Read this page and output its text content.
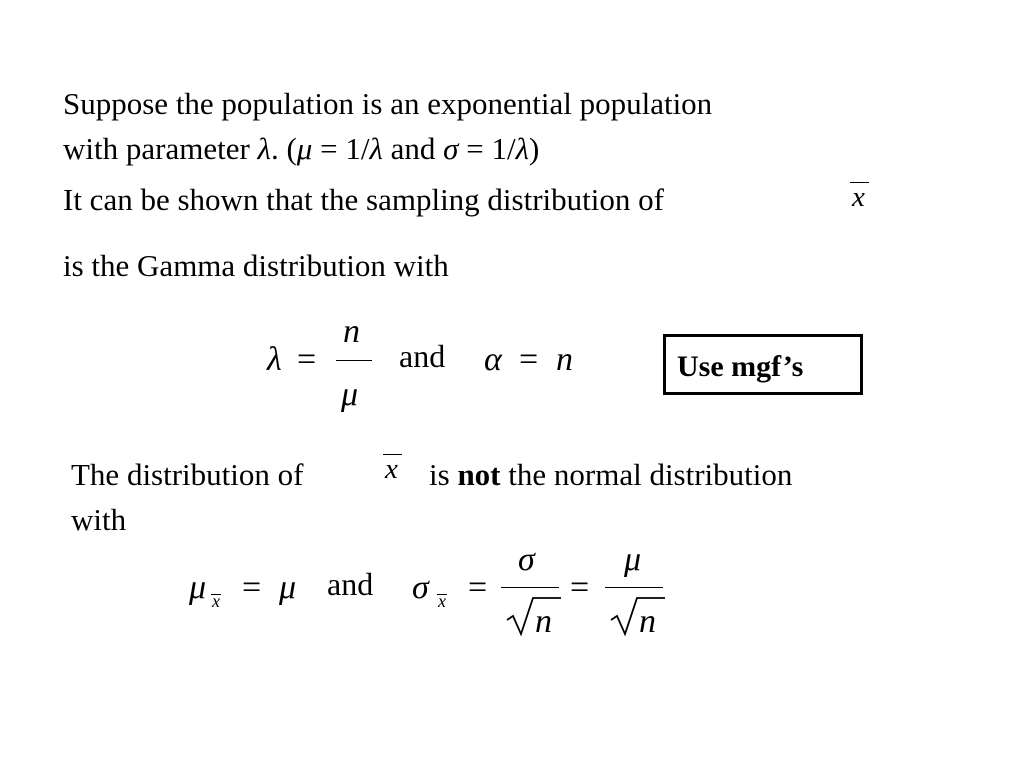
Suppose the population is an exponential population
with parameter λ. (μ = 1/λ and σ = 1/λ)
It can be shown that the sampling distribution of	x
is the Gamma distribution with
λ =
n
μ
and α = n	Use mgf’s
The distribution of	x is not the normal distribution
with
μ x = μ and σ x =
σ
n
=
μ
n
